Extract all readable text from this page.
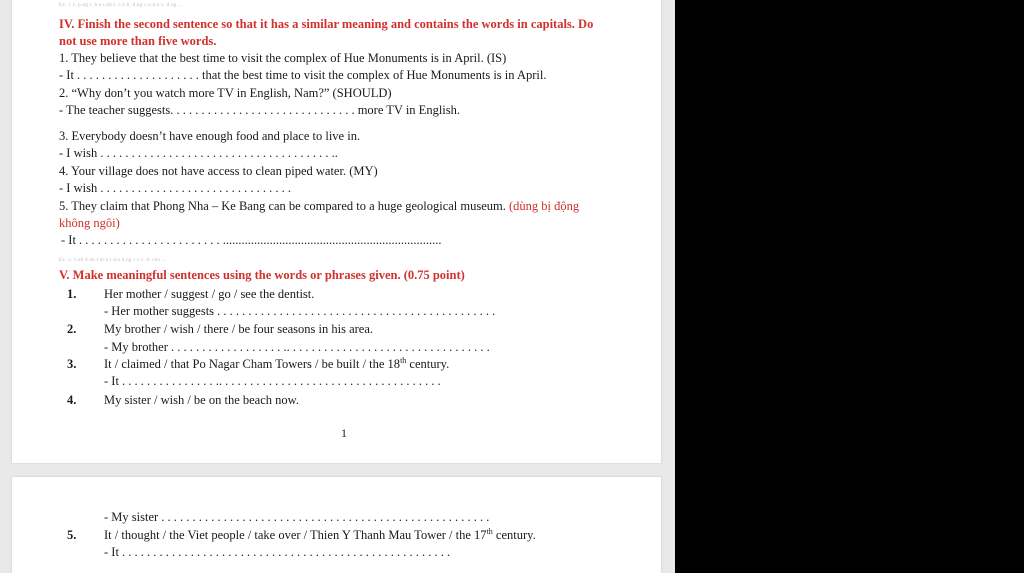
Ex. 1 v. p.ng t. b.n t.nh t. c.n b. d.ng c.u b.n s. d.ng ...
IV. Finish the second sentence so that it has a similar meaning and contains the words in capitals. Do
not use more than five words.
1. They believe that the best time to visit the complex of Hue Monuments is in April. (IS)
- It . . . . . . . . . . . . . . . . . . . . that the best time to visit the complex of Hue Monuments is in April.
2. “Why don’t you watch more TV in English, Nam?” (SHOULD)
- The teacher suggests. . . . . . . . . . . . . . . . . . . . . . . . . . . . . . more TV in English.
3. Everybody doesn’t have enough food and place to live in.
- I wish . . . . . . . . . . . . . . . . . . . . . . . . . . . . . . . . . . . . . ..
4. Your village does not have access to clean piped water. (MY)
- I wish . . . . . . . . . . . . . . . . . . . . . . . . . . . . . . .
5. They claim that Phong Nha – Ke Bang can be compared to a huge geological museum. (dùng bị động
không ngôi)
- It . . . . . . . . . . . . . . . . . . . . . . . ......................................................................
Ex. v. v.nh d.nh l.m b.i d.n d.ng c.c t. d. cho ...
V. Make meaningful sentences using the words or phrases given. (0.75 point)
1. Her mother / suggest / go / see the dentist.
- Her mother suggests . . . . . . . . . . . . . . . . . . . . . . . . . . . . . . . . . . . . . . . . . . . . .
2. My brother / wish / there / be four seasons in his area.
- My brother . . . . . . . . . . . . . . . . . . .. . . . . . . . . . . . . . . . . . . . . . . . . . . . . . . . .
3. It / claimed / that Po Nagar Cham Towers / be built / the 18th century.
- It . . . . . . . . . . . . . . . .. . . . . . . . . . . . . . . . . . . . . . . . . . . . . . . . . . . .
4. My sister / wish / be on the beach now.
1
- My sister . . . . . . . . . . . . . . . . . . . . . . . . . . . . . . . . . . . . . . . . . . . . . . . . . . . . .
5. It / thought / the Viet people / take over / Thien Y Thanh Mau Tower / the 17th century.
- It . . . . . . . . . . . . . . . . . . . . . . . . . . . . . . . . . . . . . . . . . . . . . . . . . . . . .
